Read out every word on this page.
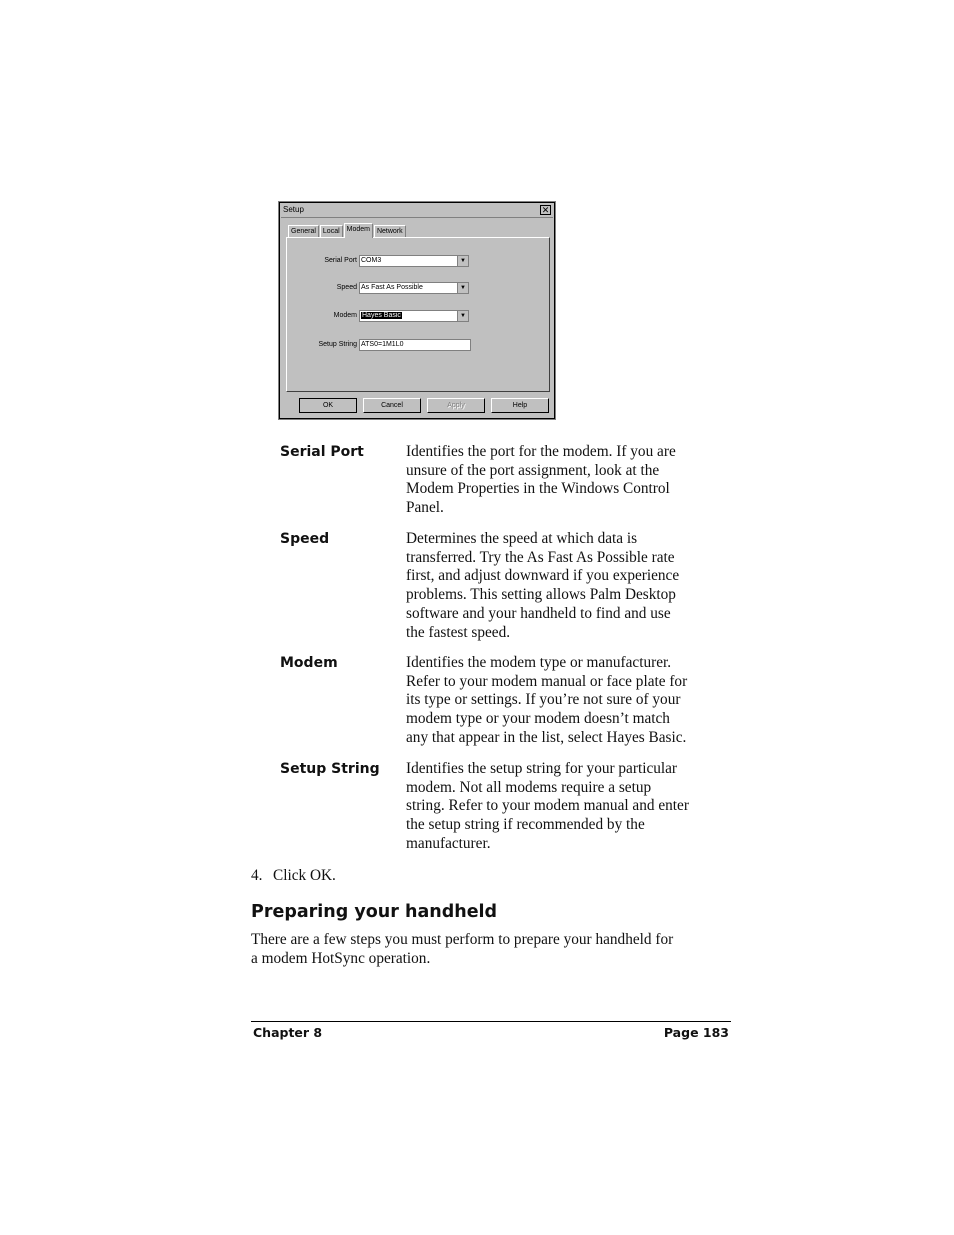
Setup	✕
General	Local	Modem	Network
Serial Port COM3	▼
Speed As Fast As Possible	▼
Modem Hayes Basic	▼
Setup String ATS0=1M1L0
OK	Cancel	Apply	Help
Serial Port	Identifies the port for the modem. If you are
unsure of the port assignment, look at the
Modem Properties in the Windows Control
Panel.
Speed	Determines the speed at which data is
transferred. Try the As Fast As Possible rate
first, and adjust downward if you experience
problems. This setting allows Palm Desktop
software and your handheld to find and use
the fastest speed.
Modem	Identifies the modem type or manufacturer.
Refer to your modem manual or face plate for
its type or settings. If you’re not sure of your
modem type or your modem doesn’t match
any that appear in the list, select Hayes Basic.
Setup String Identifies the setup string for your particular
modem. Not all modems require a setup
string. Refer to your modem manual and enter
the setup string if recommended by the
manufacturer.
4. Click OK.
Preparing your handheld
There are a few steps you must perform to prepare your handheld for
a modem HotSync operation.
Chapter 8	Page 183
